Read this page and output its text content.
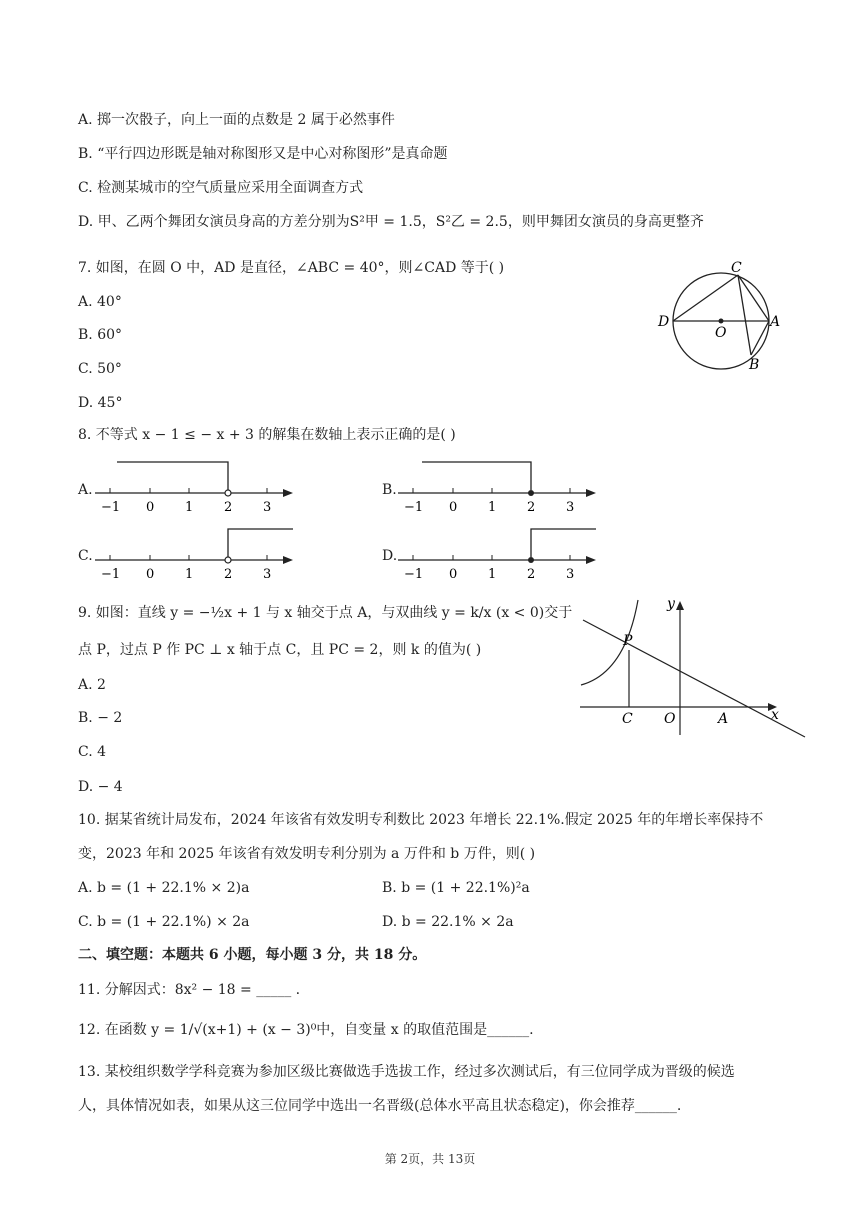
A. 掷一次骰子，向上一面的点数是 2 属于必然事件
B. “平行四边形既是轴对称图形又是中心对称图形”是真命题
C. 检测某城市的空气质量应采用全面调查方式
D. 甲、乙两个舞团女演员身高的方差分别为S²甲 = 1.5，S²乙 = 2.5，则甲舞团女演员的身高更整齐
7. 如图，在圆 O 中，AD 是直径，∠ABC = 40°，则∠CAD 等于( )
A. 40°
B. 60°
C. 50°
D. 45°
C
D
O
A
B
8. 不等式 x − 1 ≤ − x + 3 的解集在数轴上表示正确的是( )
A.
−1 0 1 2 3
B.
−1 0 1 2 3
C.
−1 0 1 2 3
D.
−1 0 1 2 3
9. 如图：直线 y = −½x + 1 与 x 轴交于点 A，与双曲线 y = k/x (x < 0)交于
点 P，过点 P 作 PC ⊥ x 轴于点 C，且 PC = 2，则 k 的值为( )
A. 2
B. − 2
C. 4
D. − 4
y
P
C O	A	x
10. 据某省统计局发布，2024 年该省有效发明专利数比 2023 年增长 22.1%.假定 2025 年的年增长率保持不
变，2023 年和 2025 年该省有效发明专利分别为 a 万件和 b 万件，则( )
A. b = (1 + 22.1% × 2)a	B. b = (1 + 22.1%)²a
C. b = (1 + 22.1%) × 2a	D. b = 22.1% × 2a
二、填空题：本题共 6 小题，每小题 3 分，共 18 分。
11. 分解因式：8x² − 18 = _____ .
12. 在函数 y = 1/√(x+1) + (x − 3)⁰中，自变量 x 的取值范围是______.
13. 某校组织数学学科竞赛为参加区级比赛做选手选拔工作，经过多次测试后，有三位同学成为晋级的候选
人，具体情况如表，如果从这三位同学中选出一名晋级(总体水平高且状态稳定)，你会推荐______.
第 2页，共 13页
